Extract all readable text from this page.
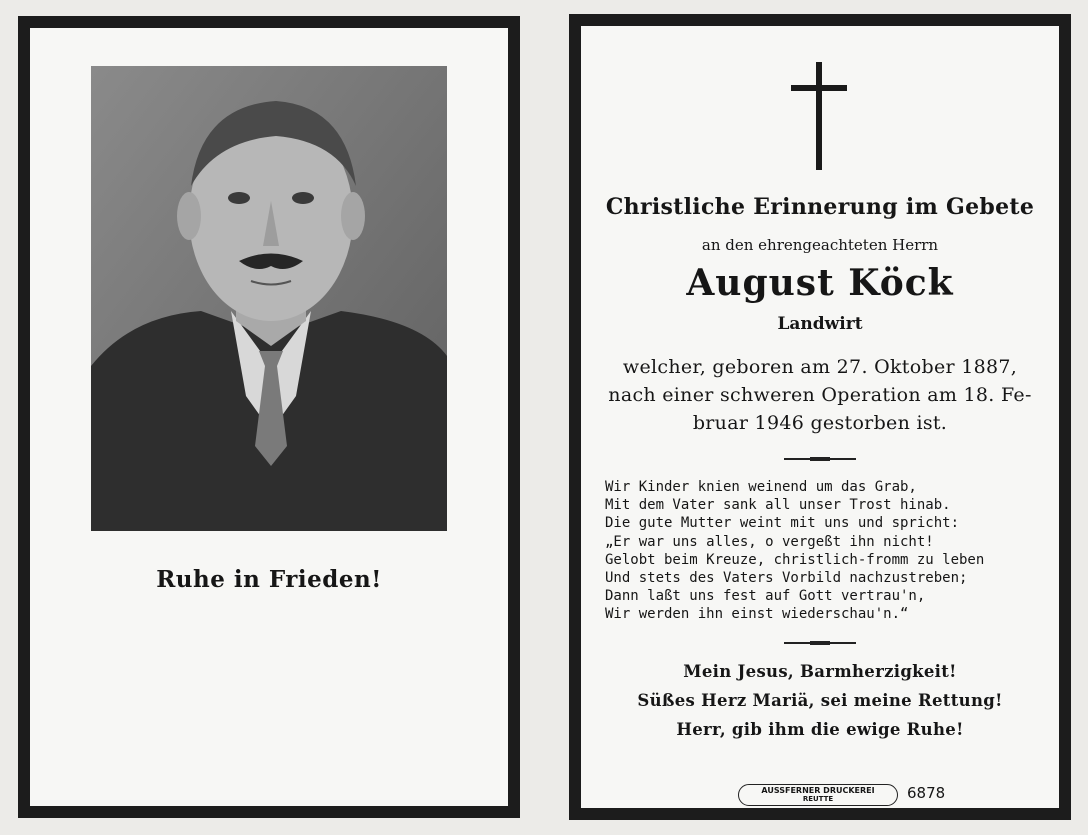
Ruhe in Frieden!
Christliche Erinnerung im Gebete
an den ehrengeachteten Herrn
August Köck
Landwirt
welcher, geboren am 27. Oktober 1887,
nach einer schweren Operation am 18. Fe-
bruar 1946 gestorben ist.
Wir Kinder knien weinend um das Grab,
Mit dem Vater sank all unser Trost hinab.
Die gute Mutter weint mit uns und spricht:
„Er war uns alles, o vergeßt ihn nicht!
Gelobt beim Kreuze, christlich-fromm zu leben
Und stets des Vaters Vorbild nachzustreben;
Dann laßt uns fest auf Gott vertrau'n,
Wir werden ihn einst wiederschau'n.“
Mein Jesus, Barmherzigkeit!
Süßes Herz Mariä, sei meine Rettung!
Herr, gib ihm die ewige Ruhe!
AUSSFERNER DRUCKEREI
REUTTE	6878
